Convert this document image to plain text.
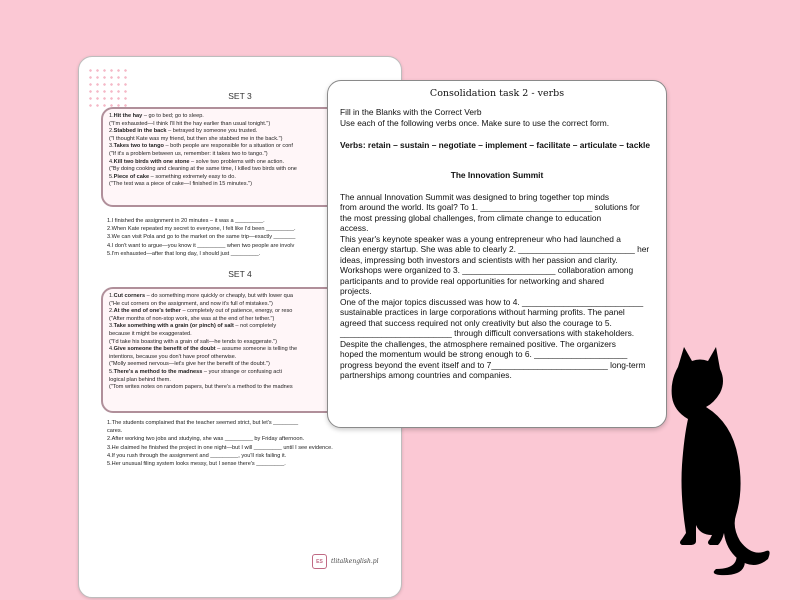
SET 3

1.Hit the hay – go to bed; go to sleep.

("I'm exhausted—I think I'll hit the hay earlier than usual tonight.")

2.Stabbed in the back – betrayed by someone you trusted.

("I thought Kate was my friend, but then she stabbed me in the back.")

3.Takes two to tango – both people are responsible for a situation or conf

("If it's a problem between us, remember: it takes two to tango.")

4.Kill two birds with one stone – solve two problems with one action.

("By doing cooking and cleaning at the same time, I killed two birds with one

5.Piece of cake – something extremely easy to do.

("The test was a piece of cake—I finished in 15 minutes.")

1.I finished the assignment in 20 minutes – it was a _________.

2.When Kate repeated my secret to everyone, I felt like I'd been _________.

3.We can visit Pola and go to the market on the same trip—exactly _______

4.I don't want to argue—you know it _________ when two people are involv

5.I'm exhausted—after that long day, I should just _________.

SET 4

1.Cut corners – do something more quickly or cheaply, but with lower qua

("He cut corners on the assignment, and now it's full of mistakes.")

2.At the end of one's tether – completely out of patience, energy, or reso

("After months of non-stop work, she was at the end of her tether.")

3.Take something with a grain (or pinch) of salt – not completely

because it might be exaggerated.

("I'd take his boasting with a grain of salt—he tends to exaggerate.")

4.Give someone the benefit of the doubt – assume someone is telling the

intentions, because you don't have proof otherwise.

("Molly seemed nervous—let's give her the benefit of the doubt.")

5.There's a method to the madness – your strange or confusing acti

logical plan behind them.

("Tom writes notes on random papers, but there's a method to the madnes

1.The students complained that the teacher seemed strict, but let's ________

cares.

2.After working two jobs and studying, she was _________ by Friday afternoon.

3.He claimed he finished the project in one night—but I will _________ until I see evidence.

4.If you rush through the assignment and _________, you'll risk failing it.

5.Her unusual filing system looks messy, but I sense there's _________.

ES	tlitalkenglish.pl

Consolidation task 2 - verbs

Fill in the Blanks with the Correct Verb

Use each of the following verbs once. Make sure to use the correct form.

Verbs: retain – sustain – negotiate – implement – facilitate – articulate – tackle

The Innovation Summit

The annual Innovation Summit was designed to bring together top minds

from around the world. Its goal? To 1. ________________________ solutions for

the most pressing global challenges, from climate change to education

access.

This year's keynote speaker was a young entrepreneur who had launched a

clean energy startup. She was able to clearly 2. _________________________ her

ideas, impressing both investors and scientists with her passion and clarity.

Workshops were organized to 3. ____________________ collaboration among

participants and to provide real opportunities for networking and shared

projects.

One of the major topics discussed was how to 4. __________________________

sustainable practices in large corporations without harming profits. The panel

agreed that success required not only creativity but also the courage to 5.

________________________ through difficult conversations with stakeholders.

Despite the challenges, the atmosphere remained positive. The organizers

hoped the momentum would be strong enough to 6. ____________________

progress beyond the event itself and to 7_________________________ long-term

partnerships among countries and companies.
